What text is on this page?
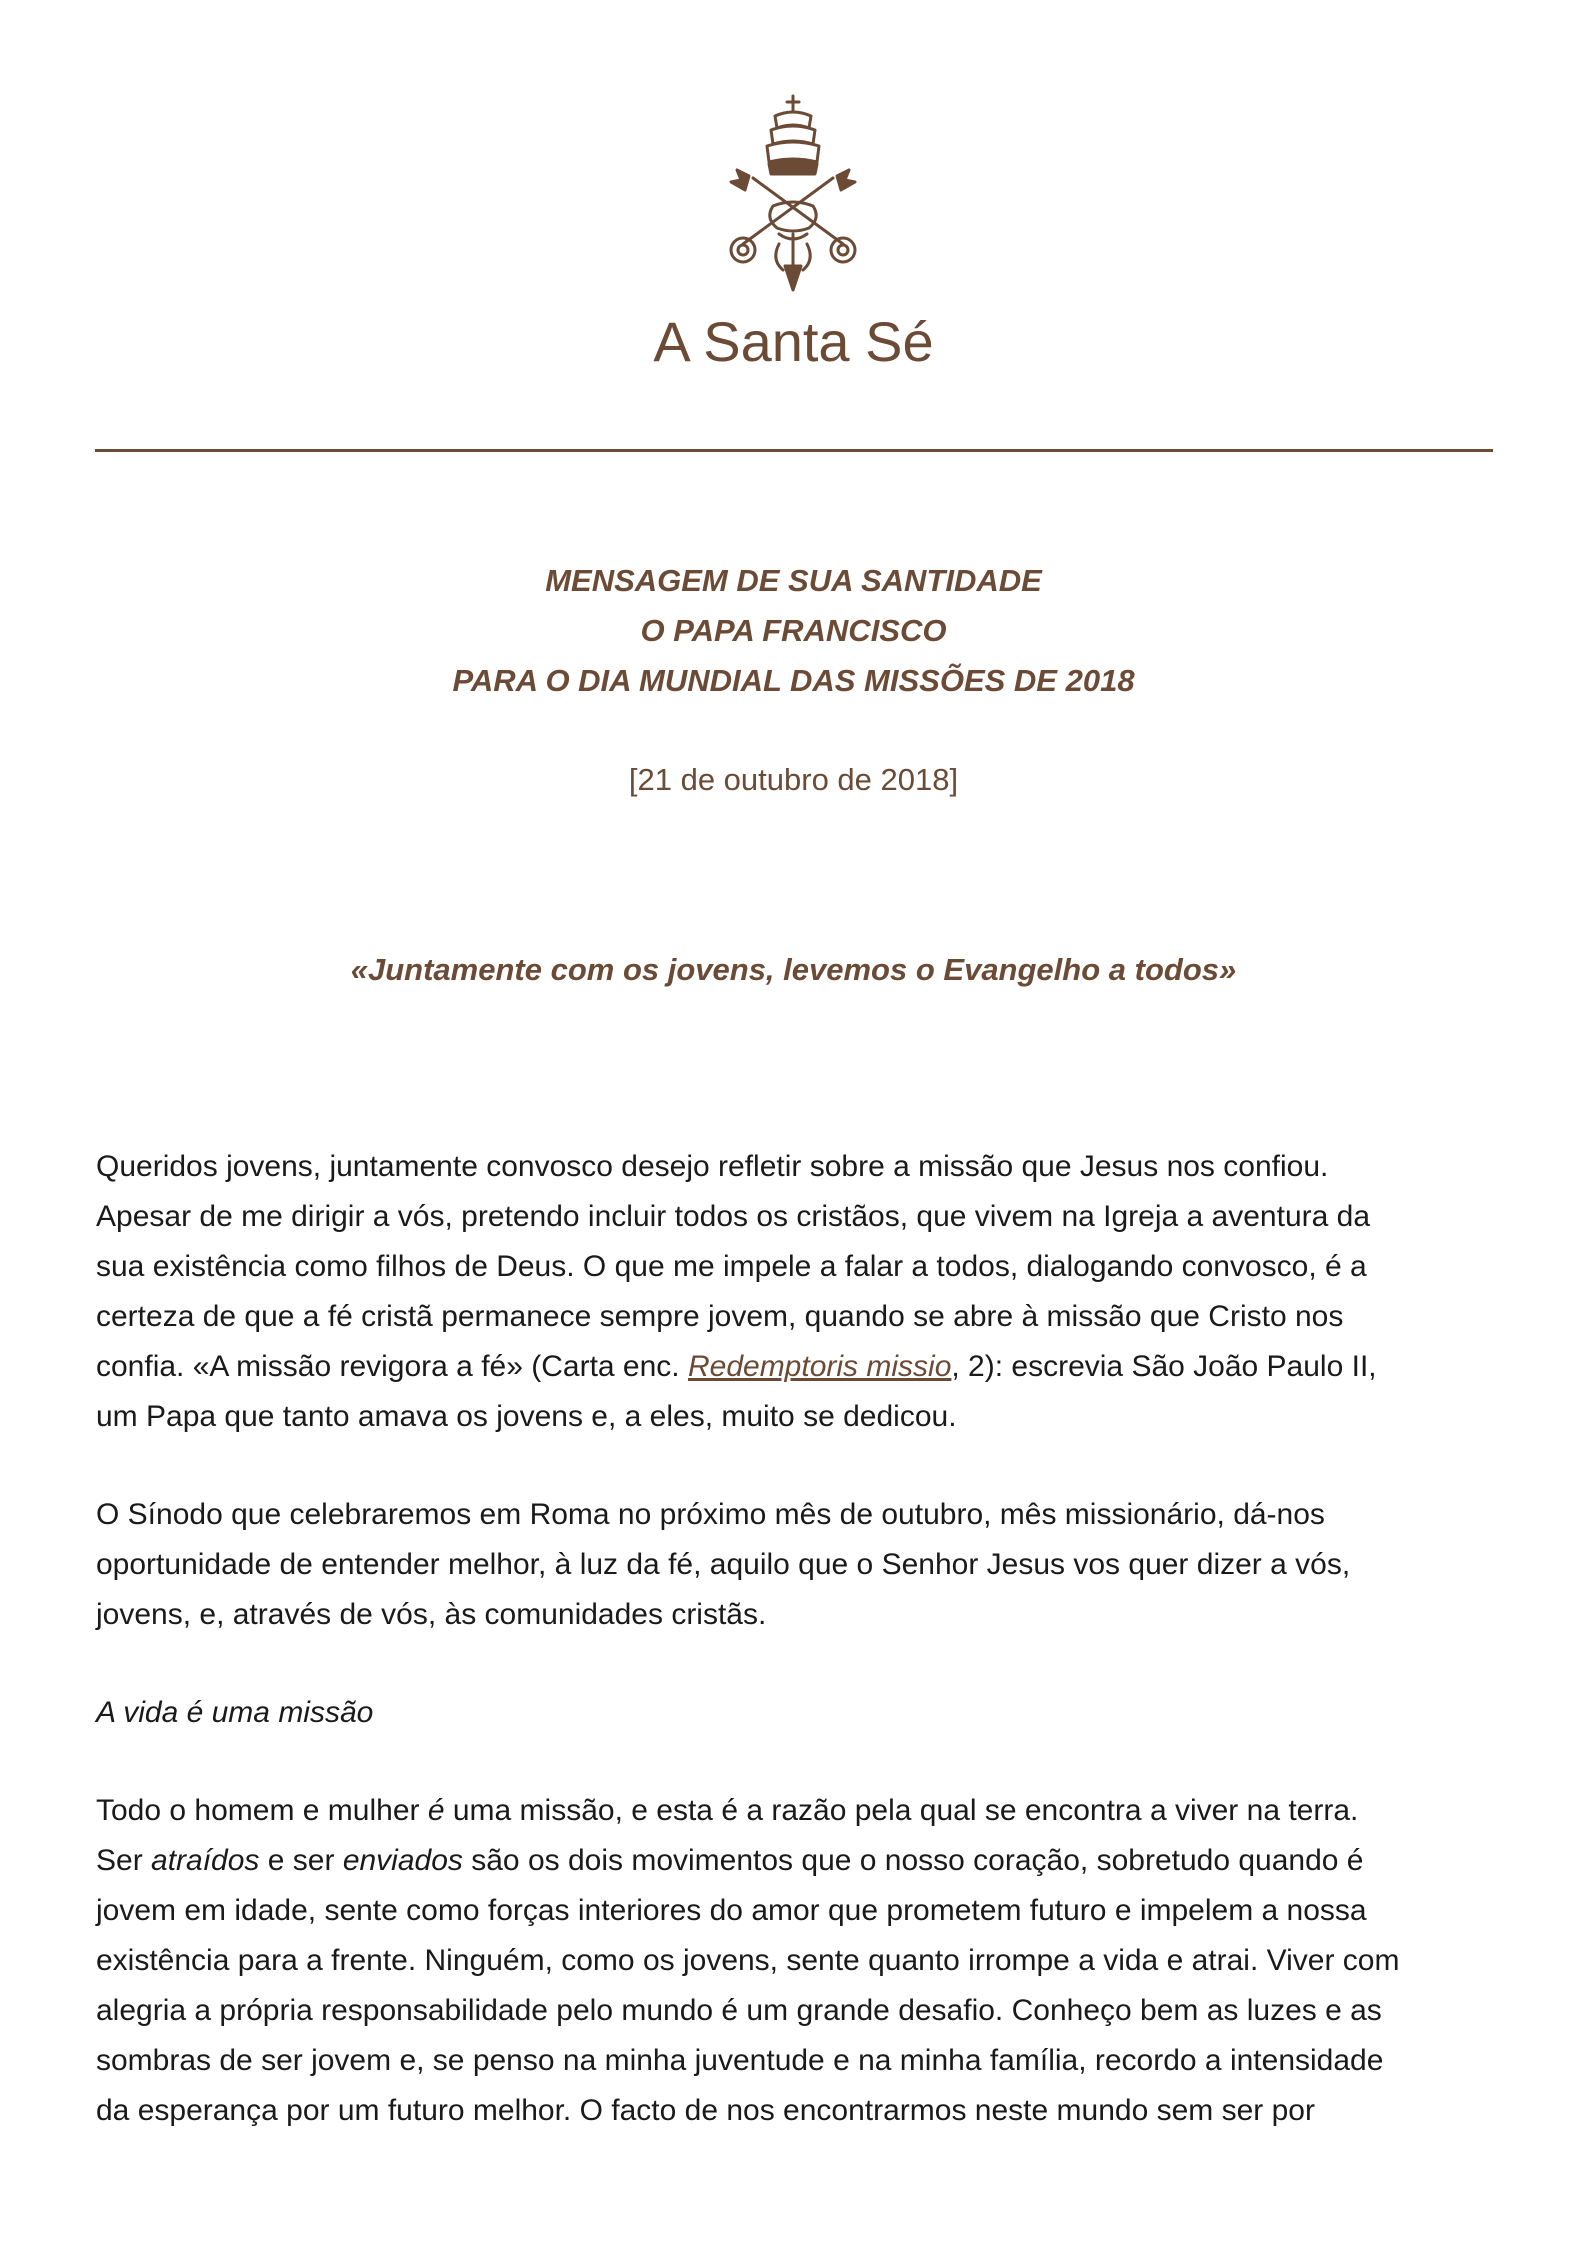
A Santa Sé
MENSAGEM DE SUA SANTIDADE
O PAPA FRANCISCO
PARA O DIA MUNDIAL DAS MISSÕES DE 2018
[21 de outubro de 2018]
«Juntamente com os jovens, levemos o Evangelho a todos»

Queridos jovens, juntamente convosco desejo refletir sobre a missão que Jesus nos confiou.
Apesar de me dirigir a vós, pretendo incluir todos os cristãos, que vivem na Igreja a aventura da
sua existência como filhos de Deus. O que me impele a falar a todos, dialogando convosco, é a
certeza de que a fé cristã permanece sempre jovem, quando se abre à missão que Cristo nos
confia. «A missão revigora a fé» (Carta enc. Redemptoris missio, 2): escrevia São João Paulo II,
um Papa que tanto amava os jovens e, a eles, muito se dedicou.

O Sínodo que celebraremos em Roma no próximo mês de outubro, mês missionário, dá-nos
oportunidade de entender melhor, à luz da fé, aquilo que o Senhor Jesus vos quer dizer a vós,
jovens, e, através de vós, às comunidades cristãs.

A vida é uma missão

Todo o homem e mulher é uma missão, e esta é a razão pela qual se encontra a viver na terra.
Ser atraídos e ser enviados são os dois movimentos que o nosso coração, sobretudo quando é
jovem em idade, sente como forças interiores do amor que prometem futuro e impelem a nossa
existência para a frente. Ninguém, como os jovens, sente quanto irrompe a vida e atrai. Viver com
alegria a própria responsabilidade pelo mundo é um grande desafio. Conheço bem as luzes e as
sombras de ser jovem e, se penso na minha juventude e na minha família, recordo a intensidade
da esperança por um futuro melhor. O facto de nos encontrarmos neste mundo sem ser por
